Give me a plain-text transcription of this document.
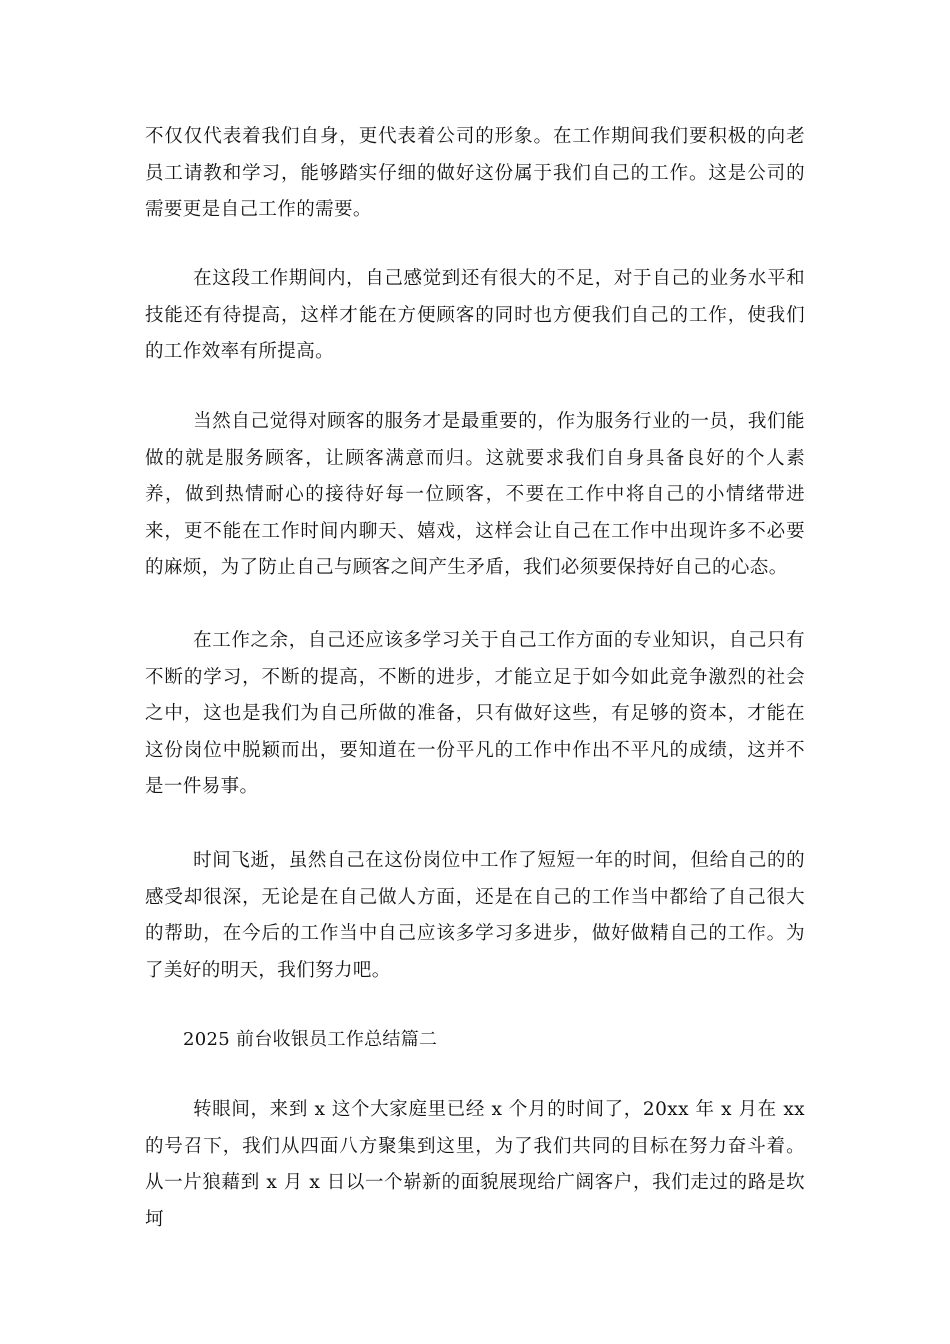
不仅仅代表着我们自身，更代表着公司的形象。在工作期间我们要积极的向老员工请教和学习，能够踏实仔细的做好这份属于我们自己的工作。这是公司的需要更是自己工作的需要。

在这段工作期间内，自己感觉到还有很大的不足，对于自己的业务水平和技能还有待提高，这样才能在方便顾客的同时也方便我们自己的工作，使我们的工作效率有所提高。

当然自己觉得对顾客的服务才是最重要的，作为服务行业的一员，我们能做的就是服务顾客，让顾客满意而归。这就要求我们自身具备良好的个人素养，做到热情耐心的接待好每一位顾客，不要在工作中将自己的小情绪带进来，更不能在工作时间内聊天、嬉戏，这样会让自己在工作中出现许多不必要的麻烦，为了防止自己与顾客之间产生矛盾，我们必须要保持好自己的心态。

在工作之余，自己还应该多学习关于自己工作方面的专业知识，自己只有不断的学习，不断的提高，不断的进步，才能立足于如今如此竞争激烈的社会之中，这也是我们为自己所做的准备，只有做好这些，有足够的资本，才能在这份岗位中脱颖而出，要知道在一份平凡的工作中作出不平凡的成绩，这并不是一件易事。

时间飞逝，虽然自己在这份岗位中工作了短短一年的时间，但给自己的的感受却很深，无论是在自己做人方面，还是在自己的工作当中都给了自己很大的帮助，在今后的工作当中自己应该多学习多进步，做好做精自己的工作。为了美好的明天，我们努力吧。

2025 前台收银员工作总结篇二

转眼间，来到 x 这个大家庭里已经 x 个月的时间了，20xx 年 x 月在 xx 的号召下，我们从四面八方聚集到这里，为了我们共同的目标在努力奋斗着。从一片狼藉到 x 月 x 日以一个崭新的面貌展现给广阔客户，我们走过的路是坎坷
